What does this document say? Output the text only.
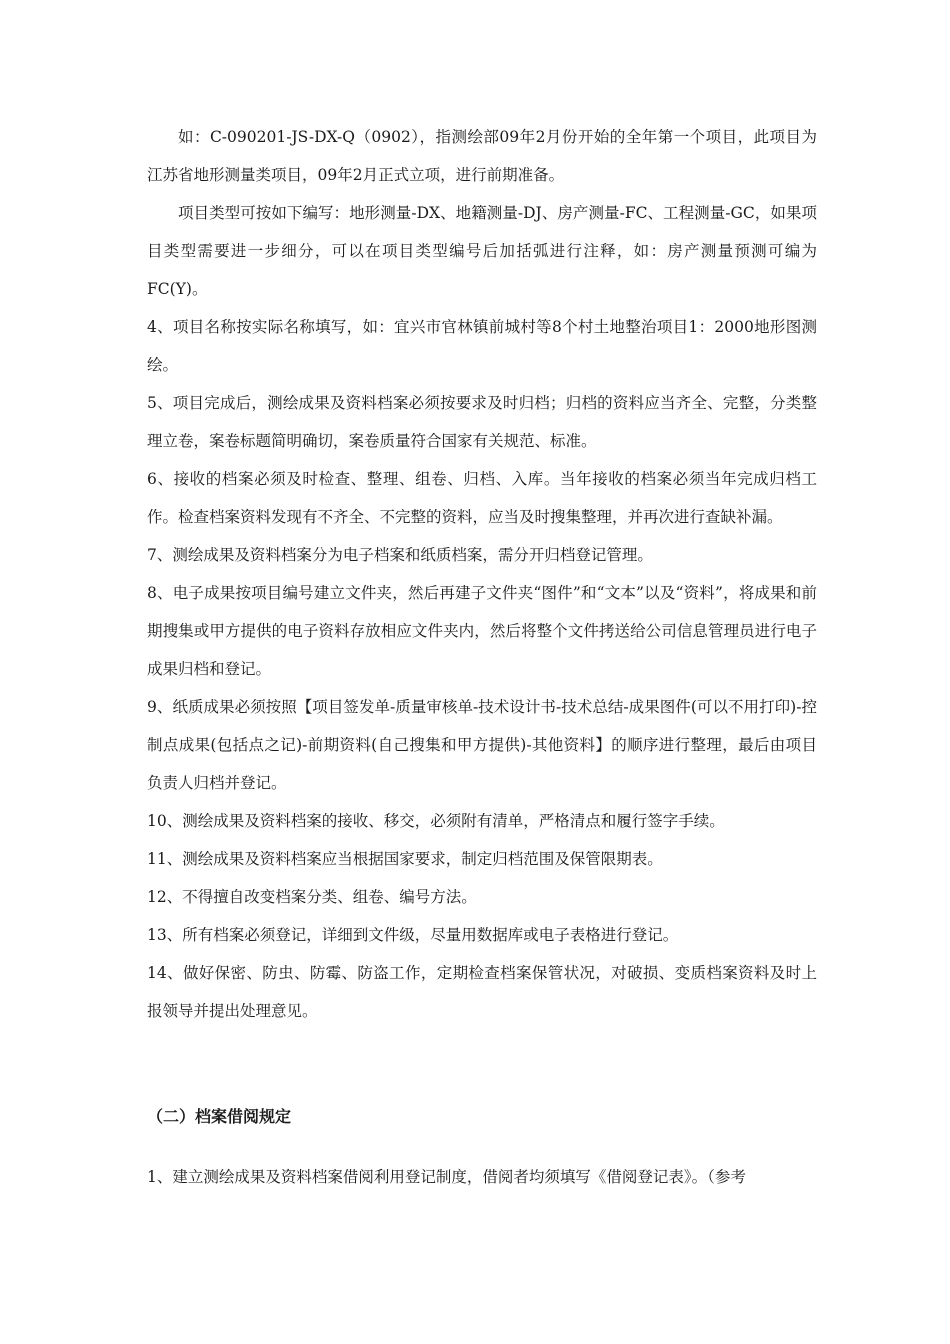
如：C-090201-JS-DX-Q（0902），指测绘部09年2月份开始的全年第一个项目，此项目为江苏省地形测量类项目，09年2月正式立项，进行前期准备。

项目类型可按如下编写：地形测量-DX、地籍测量-DJ、房产测量-FC、工程测量-GC，如果项目类型需要进一步细分，可以在项目类型编号后加括弧进行注释，如：房产测量预测可编为FC(Y)。

4、项目名称按实际名称填写，如：宜兴市官林镇前城村等8个村土地整治项目1：2000地形图测绘。

5、项目完成后，测绘成果及资料档案必须按要求及时归档；归档的资料应当齐全、完整，分类整理立卷，案卷标题简明确切，案卷质量符合国家有关规范、标准。

6、接收的档案必须及时检查、整理、组卷、归档、入库。当年接收的档案必须当年完成归档工作。检查档案资料发现有不齐全、不完整的资料，应当及时搜集整理，并再次进行查缺补漏。

7、测绘成果及资料档案分为电子档案和纸质档案，需分开归档登记管理。

8、电子成果按项目编号建立文件夹，然后再建子文件夹“图件”和“文本”以及“资料”，将成果和前期搜集或甲方提供的电子资料存放相应文件夹内，然后将整个文件拷送给公司信息管理员进行电子成果归档和登记。

9、纸质成果必须按照【项目签发单-质量审核单-技术设计书-技术总结-成果图件(可以不用打印)-控制点成果(包括点之记)-前期资料(自己搜集和甲方提供)-其他资料】的顺序进行整理，最后由项目负责人归档并登记。

10、测绘成果及资料档案的接收、移交，必须附有清单，严格清点和履行签字手续。

11、测绘成果及资料档案应当根据国家要求，制定归档范围及保管限期表。

12、不得擅自改变档案分类、组卷、编号方法。

13、所有档案必须登记，详细到文件级，尽量用数据库或电子表格进行登记。

14、做好保密、防虫、防霉、防盗工作，定期检查档案保管状况，对破损、变质档案资料及时上报领导并提出处理意见。

（二）档案借阅规定

1、建立测绘成果及资料档案借阅利用登记制度，借阅者均须填写《借阅登记表》。（参考
